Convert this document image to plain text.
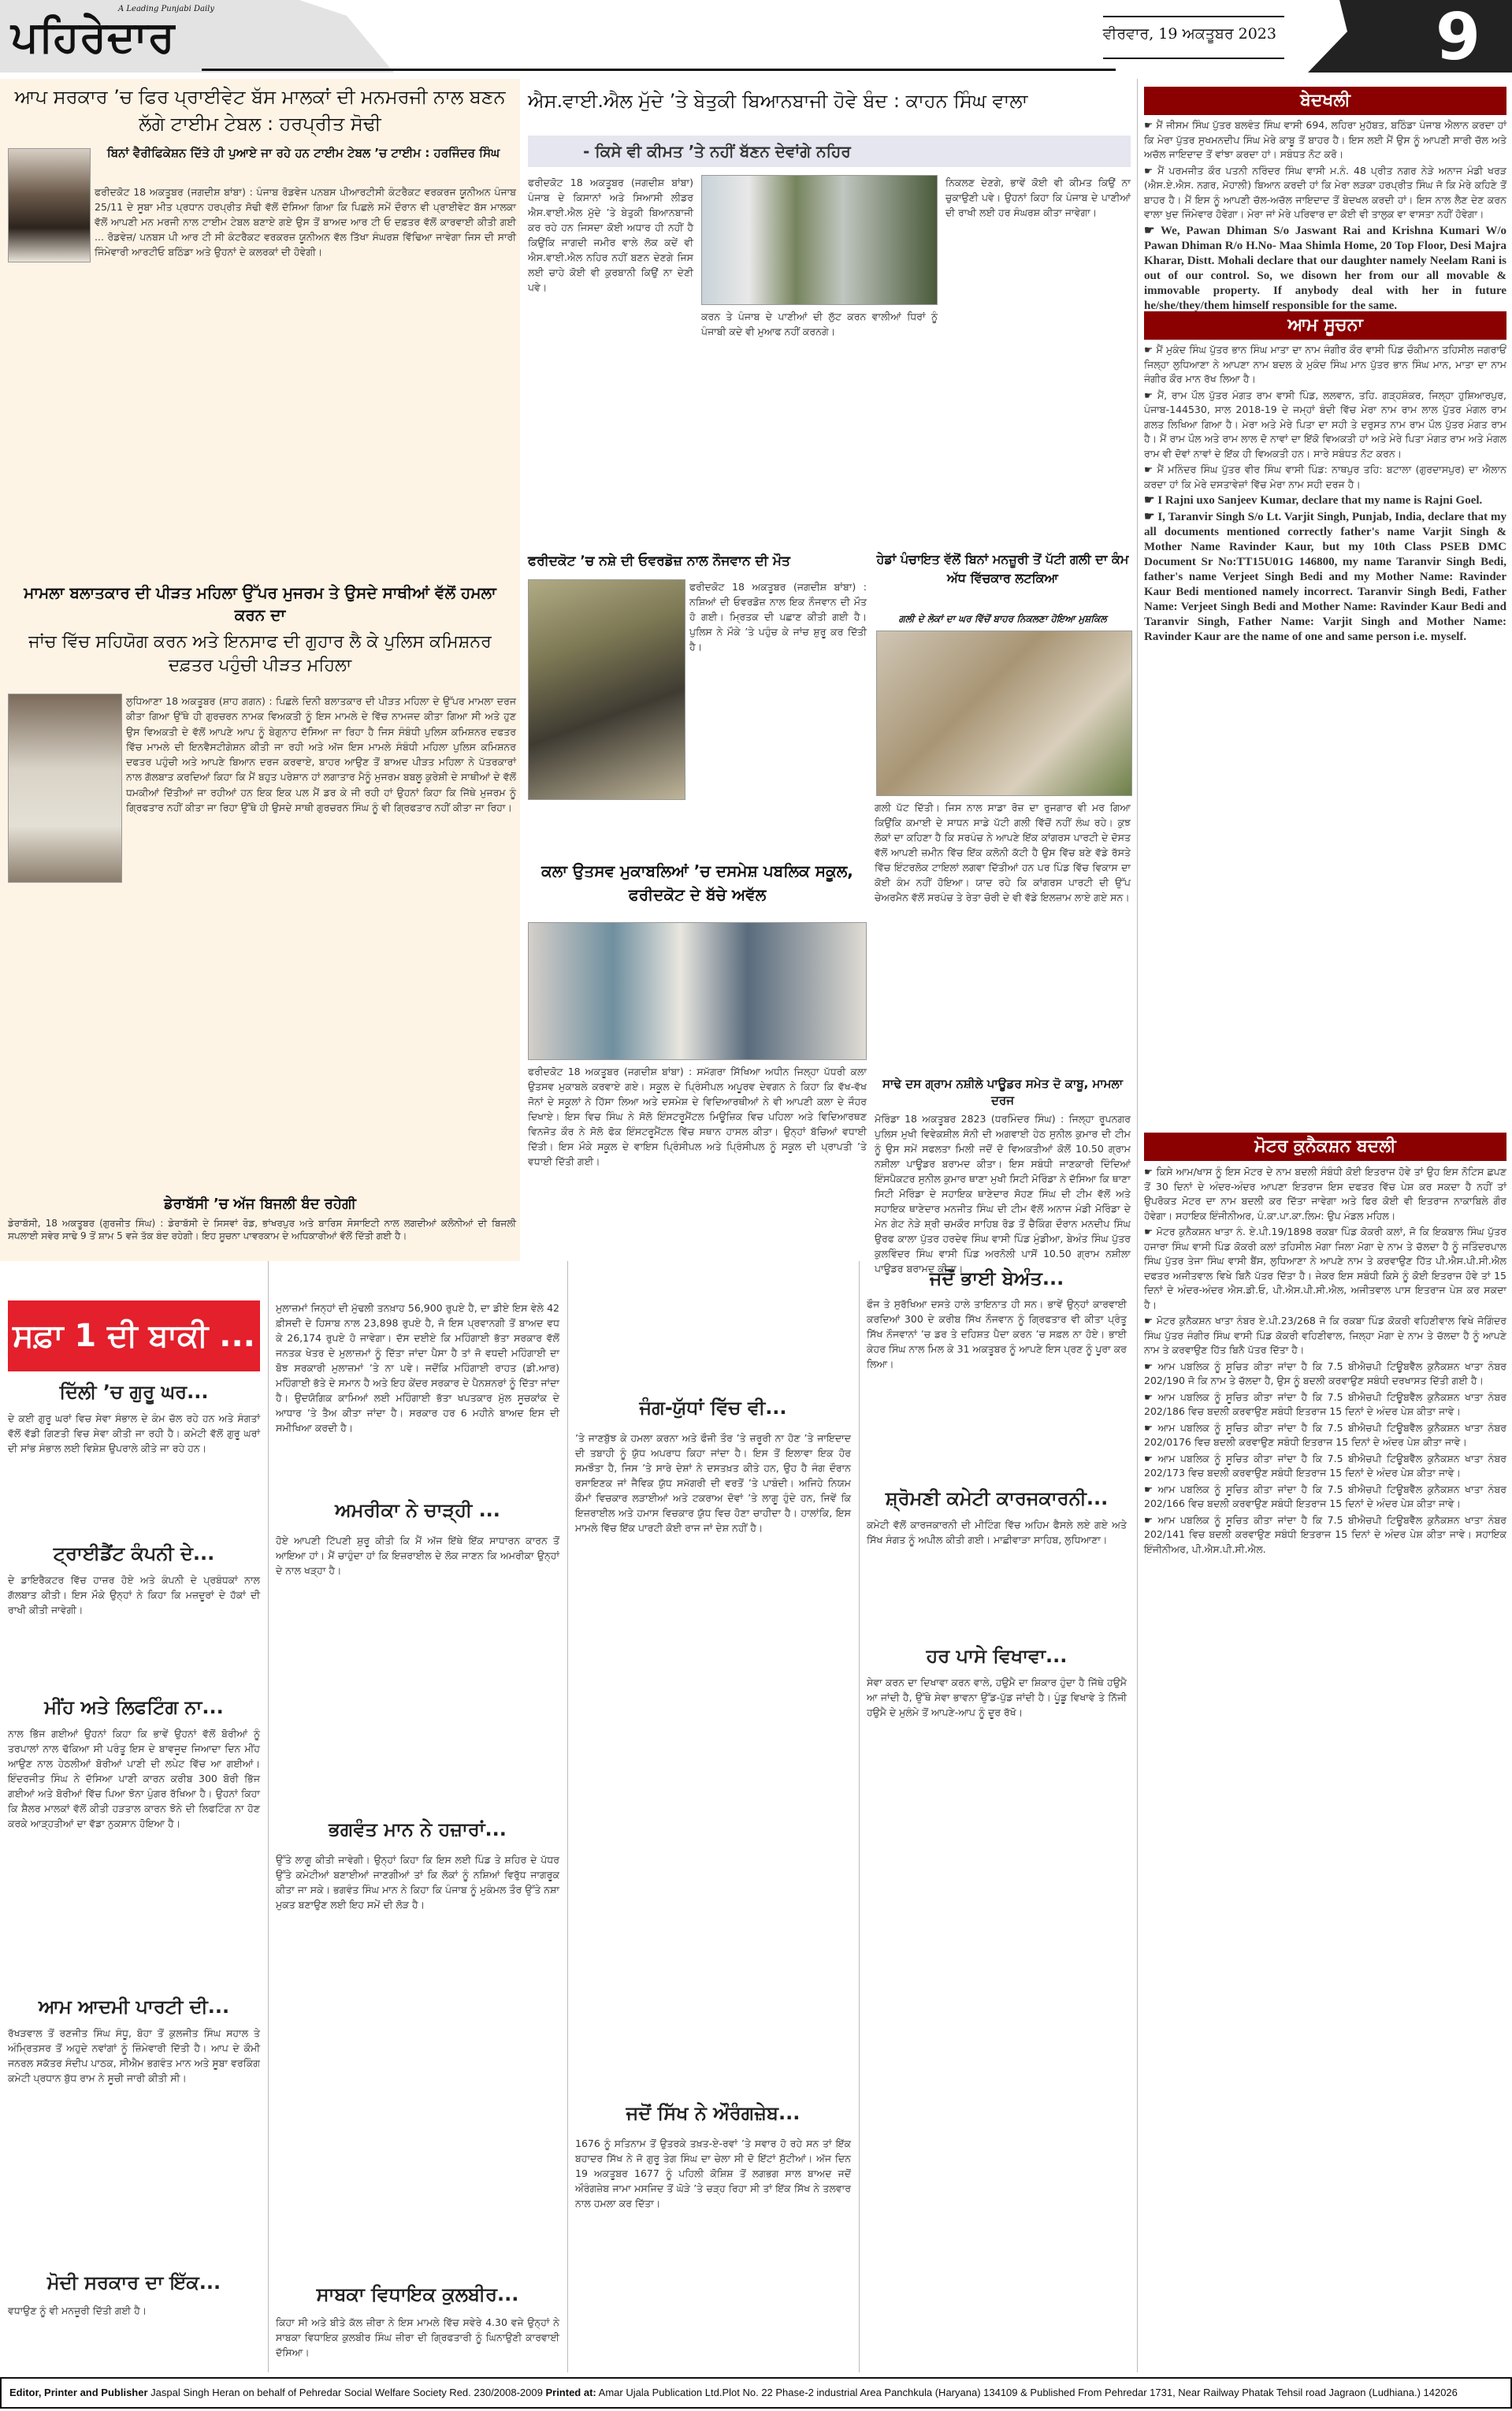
ਪਹਿਰੇਦਾਰ
A Leading Punjabi Daily
ਵੀਰਵਾਰ, 19 ਅਕਤੂਬਰ 2023 9
ਆਪ ਸਰਕਾਰ ’ਚ ਫਿਰ ਪ੍ਰਾਈਵੇਟ ਬੱਸ ਮਾਲਕਾਂ ਦੀ ਮਨਮਰਜੀ ਨਾਲ ਬਣਨ ਲੱਗੇ ਟਾਈਮ ਟੇਬਲ : ਹਰਪ੍ਰੀਤ ਸੋਢੀ
ਬਿਨਾਂ ਵੈਰੀਫਿਕੇਸ਼ਨ ਦਿੱਤੇ ਹੀ ਪੁਆਏ ਜਾ ਰਹੇ ਹਨ ਟਾਈਮ ਟੇਬਲ ’ਚ ਟਾਈਮ : ਹਰਜਿੰਦਰ ਸਿੰਘ
ਫਰੀਦਕੋਟ 18 ਅਕਤੂਬਰ (ਜਗਦੀਸ਼ ਬਾਂਬਾ) : ਪੰਜਾਬ ਰੋਡਵੇਜ ਪਨਬਸ ਪੀਆਰਟੀਸੀ ਕੰਟਰੈਕਟ ਵਰਕਰਜ ਯੂਨੀਅਨ ਪੰਜਾਬ 25/11 ਦੇ ਸੂਬਾ ਮੀਤ ਪ੍ਰਧਾਨ ਹਰਪ੍ਰੀਤ ਸੋਢੀ ਵੱਲੋਂ ਦੱਸਿਆ ਗਿਆ ਕਿ ਪਿਛਲੇ ਸਮੇਂ ਦੌਰਾਨ ਵੀ ਪ੍ਰਾਈਵੇਟ ਬੱਸ ਮਾਲਕਾ ਵੱਲੋਂ ਆਪਣੀ ਮਨ ਮਰਜੀ ਨਾਲ ਟਾਈਮ ਟੇਬਲ ਬਣਾਏ ਗਏ ਉਸ ਤੋਂ ਬਾਅਦ ਆਰ ਟੀ ਓ ਦਫ਼ਤਰ ਵੱਲੋਂ ਕਾਰਵਾਈ ਕੀਤੀ ਗਈ ... ਰੋਡਵੇਜ਼/ ਪਨਬਸ ਪੀ ਆਰ ਟੀ ਸੀ ਕੰਟਰੈਕਟ ਵਰਕਰਜ਼ ਯੂਨੀਅਨ ਵੱਲ ਤਿੱਖਾ ਸੰਘਰਸ਼ ਵਿੱਢਿਆ ਜਾਵੇਗਾ ਜਿਸ ਦੀ ਸਾਰੀ ਜਿੰਮੇਵਾਰੀ ਆਰਟੀਓ ਬਠਿੰਡਾ ਅਤੇ ਉਹਨਾਂ ਦੇ ਕਲਰਕਾਂ ਦੀ ਹੋਵੇਗੀ।
ਮਾਮਲਾ ਬਲਾਤਕਾਰ ਦੀ ਪੀੜਤ ਮਹਿਲਾ ਉੱਪਰ ਮੁਜਰਮ ਤੇ ਉਸਦੇ ਸਾਥੀਆਂ ਵੱਲੋਂ ਹਮਲਾ ਕਰਨ ਦਾ
ਜਾਂਚ ਵਿੱਚ ਸਹਿਯੋਗ ਕਰਨ ਅਤੇ ਇਨਸਾਫ ਦੀ ਗੁਹਾਰ ਲੈ ਕੇ ਪੁਲਿਸ ਕਮਿਸ਼ਨਰ ਦਫ਼ਤਰ ਪਹੁੰਚੀ ਪੀੜਤ ਮਹਿਲਾ
ਲੁਧਿਆਣਾ 18 ਅਕਤੂਬਰ (ਸ਼ਾਹ ਗਗਨ) : ਪਿਛਲੇ ਦਿਨੀ ਬਲਾਤਕਾਰ ਦੀ ਪੀੜਤ ਮਹਿਲਾ ਦੇ ਉੱਪਰ ਮਾਮਲਾ ਦਰਜ ਕੀਤਾ ਗਿਆ ਉੱਥੇ ਹੀ ਗੁਰਚਰਨ ਨਾਮਕ ਵਿਅਕਤੀ ਨੂੰ ਇਸ ਮਾਮਲੇ ਦੇ ਵਿੱਚ ਨਾਮਜਦ ਕੀਤਾ ਗਿਆ ਸੀ ਅਤੇ ਹੁਣ ਉਸ ਵਿਅਕਤੀ ਦੇ ਵੱਲੋਂ ਆਪਣੇ ਆਪ ਨੂੰ ਬੇਗੁਨਾਹ ਦੱਸਿਆ ਜਾ ਰਿਹਾ ਹੈ ਜਿਸ ਸੰਬੰਧੀ ਪੁਲਿਸ ਕਮਿਸ਼ਨਰ ਦਫਤਰ ਵਿੱਚ ਮਾਮਲੇ ਦੀ ਇਨਵੈਸਟੀਗੇਸ਼ਨ ਕੀਤੀ ਜਾ ਰਹੀ ਅਤੇ ਅੱਜ ਇਸ ਮਾਮਲੇ ਸੰਬੰਧੀ ਮਹਿਲਾ ਪੁਲਿਸ ਕਮਿਸ਼ਨਰ ਦਫਤਰ ਪਹੁੰਚੀ ਅਤੇ ਆਪਣੇ ਬਿਆਨ ਦਰਜ ਕਰਵਾਏ, ਬਾਹਰ ਆਉਣ ਤੋਂ ਬਾਅਦ ਪੀੜਤ ਮਹਿਲਾ ਨੇ ਪੱਤਰਕਾਰਾਂ ਨਾਲ ਗੱਲਬਾਤ ਕਰਦਿਆਂ ਕਿਹਾ ਕਿ ਮੈਂ ਬਹੁਤ ਪਰੇਸ਼ਾਨ ਹਾਂ ਲਗਾਤਾਰ ਮੈਨੂੰ ਮੁਜਰਮ ਬਬਲੂ ਕੁਰੇਸ਼ੀ ਦੇ ਸਾਥੀਆਂ ਦੇ ਵੱਲੋਂ ਧਮਕੀਆਂ ਦਿੱਤੀਆਂ ਜਾ ਰਹੀਆਂ ਹਨ ਇਕ ਇਕ ਪਲ ਮੈਂ ਡਰ ਕੇ ਜੀ ਰਹੀ ਹਾਂ ਉਹਨਾਂ ਕਿਹਾ ਕਿ ਜਿੱਥੇ ਮੁਜਰਮ ਨੂੰ ਗ੍ਰਿਫਤਾਰ ਨਹੀਂ ਕੀਤਾ ਜਾ ਰਿਹਾ ਉੱਥੇ ਹੀ ਉਸਦੇ ਸਾਥੀ ਗੁਰਚਰਨ ਸਿੰਘ ਨੂੰ ਵੀ ਗ੍ਰਿਫਤਾਰ ਨਹੀਂ ਕੀਤਾ ਜਾ ਰਿਹਾ।
ਡੇਰਾਬੱਸੀ ’ਚ ਅੱਜ ਬਿਜਲੀ ਬੰਦ ਰਹੇਗੀ
ਡੇਰਾਬੱਸੀ, 18 ਅਕਤੂਬਰ (ਗੁਰਜੀਤ ਸਿੰਘ) : ਡੇਰਾਬੱਸੀ ਦੇ ਸਿਸਵਾਂ ਰੋਡ, ਭਾਂਖਰਪੁਰ ਅਤੇ ਬਾਰਿਸ ਸੋਸਾਇਟੀ ਨਾਲ ਲਗਦੀਆਂ ਕਲੋਨੀਆਂ ਦੀ ਬਿਜਲੀ ਸਪਲਾਈ ਸਵੇਰ ਸਾਢੇ 9 ਤੋਂ ਸ਼ਾਮ 5 ਵਜੇ ਤੱਕ ਬੰਦ ਰਹੇਗੀ। ਇਹ ਸੂਚਨਾ ਪਾਵਰਕਾਮ ਦੇ ਅਧਿਕਾਰੀਆਂ ਵੱਲੋਂ ਦਿੱਤੀ ਗਈ ਹੈ।
ਐਸ.ਵਾਈ.ਐਲ ਮੁੱਦੇ ’ਤੇ ਬੇਤੁਕੀ ਬਿਆਨਬਾਜੀ ਹੋਵੇ ਬੰਦ : ਕਾਹਨ ਸਿੰਘ ਵਾਲਾ
- ਕਿਸੇ ਵੀ ਕੀਮਤ ’ਤੇ ਨਹੀਂ ਬੱਣਨ ਦੇਵਾਂਗੇ ਨਹਿਰ
ਫਰੀਦਕੋਟ 18 ਅਕਤੂਬਰ (ਜਗਦੀਸ਼ ਬਾਂਬਾ) ਪੰਜਾਬ ਦੇ ਕਿਸਾਨਾਂ ਅਤੇ ਸਿਆਸੀ ਲੀਡਰ ਐਸ.ਵਾਈ.ਐਲ ਮੁੱਦੇ ’ਤੇ ਬੇਤੁਕੀ ਬਿਆਨਬਾਜੀ ਕਰ ਰਹੇ ਹਨ ਜਿਸਦਾ ਕੋਈ ਅਧਾਰ ਹੀ ਨਹੀਂ ਹੈ ਕਿਉਂਕਿ ਜਾਗਦੀ ਜਮੀਰ ਵਾਲੇ ਲੋਕ ਕਦੇਂ ਵੀ ਐਸ.ਵਾਈ.ਐਲ ਨਹਿਰ ਨਹੀਂ ਬਣਨ ਦੇਣਗੇ ਜਿਸ ਲਈ ਚਾਹੇ ਕੋਈ ਵੀ ਕੁਰਬਾਨੀ ਕਿਉਂ ਨਾ ਦੇਣੀ ਪਵੇ।
ਕਰਨ ਤੇ ਪੰਜਾਬ ਦੇ ਪਾਣੀਆਂ ਦੀ ਲੁੱਟ ਕਰਨ ਵਾਲੀਆਂ ਧਿਰਾਂ ਨੂੰ ਪੰਜਾਬੀ ਕਦੇ ਵੀ ਮੁਆਫ ਨਹੀਂ ਕਰਨਗੇ।
ਨਿਕਲਣ ਦੇਣਗੇ, ਭਾਵੇਂ ਕੋਈ ਵੀ ਕੀਮਤ ਕਿਉਂ ਨਾ ਚੁਕਾਉਣੀ ਪਵੇ। ਉਹਨਾਂ ਕਿਹਾ ਕਿ ਪੰਜਾਬ ਦੇ ਪਾਣੀਆਂ ਦੀ ਰਾਖੀ ਲਈ ਹਰ ਸੰਘਰਸ਼ ਕੀਤਾ ਜਾਵੇਗਾ।
ਫਰੀਦਕੋਟ ’ਚ ਨਸ਼ੇ ਦੀ ਓਵਰਡੋਜ਼ ਨਾਲ ਨੌਜਵਾਨ ਦੀ ਮੌਤ
ਫਰੀਦਕੋਟ 18 ਅਕਤੂਬਰ (ਜਗਦੀਸ਼ ਬਾਂਬਾ) : ਨਸ਼ਿਆਂ ਦੀ ਓਵਰਡੋਜ਼ ਨਾਲ ਇਕ ਨੌਜਵਾਨ ਦੀ ਮੌਤ ਹੋ ਗਈ। ਮ੍ਰਿਤਕ ਦੀ ਪਛਾਣ ਕੀਤੀ ਗਈ ਹੈ। ਪੁਲਿਸ ਨੇ ਮੌਕੇ ’ਤੇ ਪਹੁੰਚ ਕੇ ਜਾਂਚ ਸ਼ੁਰੂ ਕਰ ਦਿੱਤੀ ਹੈ।
ਹੇਡਾਂ ਪੰਚਾਇਤ ਵੱਲੋਂ ਬਿਨਾਂ ਮਨਜ਼ੂਰੀ ਤੋਂ ਪੱਟੀ ਗਲੀ ਦਾ ਕੰਮ ਅੱਧ ਵਿੱਚਕਾਰ ਲਟਕਿਆ
ਗਲੀ ਦੇ ਲੋਕਾਂ ਦਾ ਘਰ ਵਿੱਚੋਂ ਬਾਹਰ ਨਿਕਲਣਾ ਹੋਇਆ ਮੁਸ਼ਕਿਲ
ਗਲੀ ਪੱਟ ਦਿੱਤੀ। ਜਿਸ ਨਾਲ ਸਾਡਾ ਰੋਜ਼ ਦਾ ਰੁਜਗਾਰ ਵੀ ਮਰ ਗਿਆ ਕਿਉਂਕਿ ਕਮਾਈ ਦੇ ਸਾਧਨ ਸਾਡੇ ਪੱਟੀ ਗਲੀ ਵਿੱਚੋਂ ਨਹੀਂ ਲੰਘ ਰਹੇ। ਕੁਝ ਲੋਕਾਂ ਦਾ ਕਹਿਣਾ ਹੈ ਕਿ ਸਰਪੰਚ ਨੇ ਆਪਣੇ ਇੱਕ ਕਾਂਗਰਸ ਪਾਰਟੀ ਦੇ ਦੋਸਤ ਵੱਲੋਂ ਆਪਣੀ ਜ਼ਮੀਨ ਵਿੱਚ ਇੱਕ ਕਲੋਨੀ ਕੱਟੀ ਹੈ ਉਸ ਵਿੱਚ ਬਣੇ ਵੱਡੇ ਰੱਸਤੇ ਵਿੱਚ ਇੰਟਰਲੋਕ ਟਾਇਲਾਂ ਲਗਵਾ ਦਿੱਤੀਆਂ ਹਨ ਪਰ ਪਿੰਡ ਵਿੱਚ ਵਿਕਾਸ ਦਾ ਕੋਈ ਕੰਮ ਨਹੀਂ ਹੋਇਆ। ਯਾਦ ਰਹੇ ਕਿ ਕਾਂਗਰਸ ਪਾਰਟੀ ਦੀ ਉੱਪ ਚੇਅਰਮੈਨ ਵੱਲੋਂ ਸਰਪੰਚ ਤੇ ਰੇਤਾ ਚੋਰੀ ਦੇ ਵੀ ਵੱਡੇ ਇਲਜ਼ਾਮ ਲਾਏ ਗਏ ਸਨ।
ਕਲਾ ਉਤਸਵ ਮੁਕਾਬਲਿਆਂ ’ਚ ਦਸਮੇਸ਼ ਪਬਲਿਕ ਸਕੂਲ, ਫਰੀਦਕੋਟ ਦੇ ਬੱਚੇ ਅਵੱਲ
ਫਰੀਦਕੋਟ 18 ਅਕਤੂਬਰ (ਜਗਦੀਸ਼ ਬਾਂਬਾ) : ਸਮੱਗਰਾ ਸਿੱਖਿਆ ਅਧੀਨ ਜਿਲ੍ਹਾ ਪੱਧਰੀ ਕਲਾ ਉਤਸਵ ਮੁਕਾਬਲੇ ਕਰਵਾਏ ਗਏ। ਸਕੂਲ ਦੇ ਪ੍ਰਿੰਸੀਪਲ ਅਪੂਰਵ ਦੇਵਗਨ ਨੇ ਕਿਹਾ ਕਿ ਵੱਖ-ਵੱਖ ਜੋਨਾਂ ਦੇ ਸਕੂਲਾਂ ਨੇ ਹਿੱਸਾ ਲਿਆ ਅਤੇ ਦਸਮੇਸ਼ ਦੇ ਵਿਦਿਆਰਥੀਆਂ ਨੇ ਵੀ ਆਪਣੀ ਕਲਾ ਦੇ ਜੌਹਰ ਦਿਖਾਏ। ਇਸ ਵਿਚ ਸਿੰਘ ਨੇ ਸੋਲੋ ਇੰਸਟਰੂਮੈਂਟਲ ਮਿਊਜ਼ਿਕ ਵਿਚ ਪਹਿਲਾ ਅਤੇ ਵਿਦਿਆਰਥਣ ਵਿਨਜੋਤ ਕੌਰ ਨੇ ਸੋਲੋ ਫੋਕ ਇੰਸਟਰੂਮੈਂਟਲ ਵਿੱਚ ਸਥਾਨ ਹਾਸਲ ਕੀਤਾ। ਉਨ੍ਹਾਂ ਬੱਚਿਆਂ ਵਧਾਈ ਦਿੱਤੀ। ਇਸ ਮੌਕੇ ਸਕੂਲ ਦੇ ਵਾਇਸ ਪ੍ਰਿੰਸੀਪਲ ਅਤੇ ਪ੍ਰਿੰਸੀਪਲ ਨੂੰ ਸਕੂਲ ਦੀ ਪ੍ਰਾਪਤੀ ’ਤੇ ਵਧਾਈ ਦਿੱਤੀ ਗਈ।
ਸਾਢੇ ਦਸ ਗ੍ਰਾਮ ਨਸ਼ੀਲੇ ਪਾਊਡਰ ਸਮੇਤ ਦੋ ਕਾਬੂ, ਮਾਮਲਾ ਦਰਜ
ਮੋਰਿੰਡਾ 18 ਅਕਤੂਬਰ 2823 (ਧਰਮਿੰਦਰ ਸਿੰਘ) : ਜਿਲ੍ਹਾ ਰੂਪਨਗਰ ਪੁਲਿਸ ਮੁਖੀ ਵਿਵੇਕਸ਼ੀਲ ਸੋਨੀ ਦੀ ਅਗਵਾਈ ਹੇਠ ਸੁਨੀਲ ਕੁਮਾਰ ਦੀ ਟੀਮ ਨੂੰ ਉਸ ਸਮੇਂ ਸਫਲਤਾ ਮਿਲੀ ਜਦੋਂ ਦੋ ਵਿਅਕਤੀਆਂ ਕੋਲੋਂ 10.50 ਗ੍ਰਾਮ ਨਸ਼ੀਲਾ ਪਾਊਡਰ ਬਰਾਮਦ ਕੀਤਾ। ਇਸ ਸਬੰਧੀ ਜਾਣਕਾਰੀ ਦਿੰਦਿਆਂ ਇੰਸਪੈਕਟਰ ਸੁਨੀਲ ਕੁਮਾਰ ਥਾਣਾ ਮੁਖੀ ਸਿਟੀ ਮੋਰਿੰਡਾ ਨੇ ਦੱਸਿਆ ਕਿ ਥਾਣਾ ਸਿਟੀ ਮੋਰਿੰਡਾ ਦੇ ਸਹਾਇਕ ਥਾਣੇਦਾਰ ਸੋਹਣ ਸਿੰਘ ਦੀ ਟੀਮ ਵੱਲੋਂ ਅਤੇ ਸਹਾਇਕ ਥਾਣੇਦਾਰ ਮਨਜੀਤ ਸਿੰਘ ਦੀ ਟੀਮ ਵੱਲੋਂ ਅਨਾਜ ਮੰਡੀ ਮੋਰਿੰਡਾ ਦੇ ਮੇਨ ਗੇਟ ਨੇੜੇ ਸ਼੍ਰੀ ਚਮਕੌਰ ਸਾਹਿਬ ਰੋਡ ਤੋਂ ਚੈਕਿੰਗ ਦੌਰਾਨ ਮਨਦੀਪ ਸਿੰਘ ਉਰਫ ਕਾਲਾ ਪੁੱਤਰ ਹਰਦੇਵ ਸਿੰਘ ਵਾਸੀ ਪਿੰਡ ਮੁੰਡੀਆ, ਬੇਅੰਤ ਸਿੰਘ ਪੁੱਤਰ ਕੁਲਵਿੰਦਰ ਸਿੰਘ ਵਾਸੀ ਪਿੰਡ ਅਰਨੋਲੀ ਪਾਸੋਂ 10.50 ਗ੍ਰਾਮ ਨਸ਼ੀਲਾ ਪਾਊਡਰ ਬਰਾਮਦ ਕੀਤਾ।
ਸਫ਼ਾ 1 ਦੀ ਬਾਕੀ ...
ਦਿੱਲੀ ’ਚ ਗੁਰੂ ਘਰ...
ਦੇ ਕਈ ਗੁਰੂ ਘਰਾਂ ਵਿਚ ਸੇਵਾ ਸੰਭਾਲ ਦੇ ਕੰਮ ਚੱਲ ਰਹੇ ਹਨ ਅਤੇ ਸੰਗਤਾਂ ਵੱਲੋਂ ਵੱਡੀ ਗਿਣਤੀ ਵਿਚ ਸੇਵਾ ਕੀਤੀ ਜਾ ਰਹੀ ਹੈ। ਕਮੇਟੀ ਵੱਲੋਂ ਗੁਰੂ ਘਰਾਂ ਦੀ ਸਾਂਭ ਸੰਭਾਲ ਲਈ ਵਿਸ਼ੇਸ਼ ਉਪਰਾਲੇ ਕੀਤੇ ਜਾ ਰਹੇ ਹਨ।
ਟ੍ਰਾਈਡੈਂਟ ਕੰਪਨੀ ਦੇ...
ਦੇ ਡਾਇਰੈਕਟਰ ਵਿੱਚ ਹਾਜ਼ਰ ਹੋਏ ਅਤੇ ਕੰਪਨੀ ਦੇ ਪ੍ਰਬੰਧਕਾਂ ਨਾਲ ਗੱਲਬਾਤ ਕੀਤੀ। ਇਸ ਮੌਕੇ ਉਨ੍ਹਾਂ ਨੇ ਕਿਹਾ ਕਿ ਮਜ਼ਦੂਰਾਂ ਦੇ ਹੱਕਾਂ ਦੀ ਰਾਖੀ ਕੀਤੀ ਜਾਵੇਗੀ।
ਮੀਂਹ ਅਤੇ ਲਿਫਟਿੰਗ ਨਾ...
ਨਾਲ ਭਿੱਜ ਗਈਆਂ ਉਹਨਾਂ ਕਿਹਾ ਕਿ ਭਾਵੇਂ ਉਹਨਾਂ ਵੱਲੋਂ ਬੋਰੀਆਂ ਨੂੰ ਤਰਪਾਲਾਂ ਨਾਲ ਢੱਕਿਆ ਸੀ ਪਰੰਤੂ ਇਸ ਦੇ ਬਾਵਜੂਦ ਜਿਆਦਾ ਦਿਨ ਮੀਂਹ ਆਉਣ ਨਾਲ ਹੇਠਲੀਆਂ ਬੋਰੀਆਂ ਪਾਣੀ ਦੀ ਲਪੇਟ ਵਿੱਚ ਆ ਗਈਆਂ। ਇੰਦਰਜੀਤ ਸਿੰਘ ਨੇ ਦੱਸਿਆ ਪਾਣੀ ਕਾਰਨ ਕਰੀਬ 300 ਬੋਰੀ ਭਿੱਜ ਗਈਆਂ ਅਤੇ ਬੋਰੀਆਂ ਵਿੱਚ ਪਿਆ ਝੋਨਾ ਪੁੰਗਰ ਰੱਖਿਆ ਹੈ। ਉਹਨਾਂ ਕਿਹਾ ਕਿ ਸ਼ੈਲਰ ਮਾਲਕਾਂ ਵੱਲੋਂ ਕੀਤੀ ਹੜਤਾਲ ਕਾਰਨ ਝੋਨੇ ਦੀ ਲਿਫਟਿੰਗ ਨਾ ਹੋਣ ਕਰਕੇ ਆੜ੍ਹਤੀਆਂ ਦਾ ਵੱਡਾ ਨੁਕਸਾਨ ਹੋਇਆ ਹੈ।
ਆਮ ਆਦਮੀ ਪਾਰਟੀ ਦੀ...
ਰੱਖੜਵਾਲ ਤੋਂ ਰਣਜੀਤ ਸਿੰਘ ਸੰਧੂ, ਬੋਹਾ ਤੋਂ ਕੁਲਜੀਤ ਸਿੰਘ ਸਹਾਲ ਤੇ ਅੰਮ੍ਰਿਤਸਰ ਤੋਂ ਅਹੁਦੇ ਨਵਾਂਗਾਂ ਨੂੰ ਜ਼ਿੰਮੇਵਾਰੀ ਦਿੱਤੀ ਹੈ। ਆਪ ਦੇ ਕੌਮੀ ਜਨਰਲ ਸਕੱਤਰ ਸੰਦੀਪ ਪਾਠਕ, ਸੀਐਮ ਭਗਵੰਤ ਮਾਨ ਅਤੇ ਸੂਬਾ ਵਰਕਿੰਗ ਕਮੇਟੀ ਪ੍ਰਧਾਨ ਬੁੱਧ ਰਾਮ ਨੇ ਸੂਚੀ ਜਾਰੀ ਕੀਤੀ ਸੀ।
ਮੋਦੀ ਸਰਕਾਰ ਦਾ ਇੱਕ...
ਵਧਾਉਣ ਨੂੰ ਵੀ ਮਨਜ਼ੂਰੀ ਦਿੱਤੀ ਗਈ ਹੈ।
ਮੁਲਾਜ਼ਮਾਂ ਜਿਨ੍ਹਾਂ ਦੀ ਮੁੱਢਲੀ ਤਨਖ਼ਾਹ 56,900 ਰੁਪਏ ਹੈ, ਦਾ ਡੀਏ ਇਸ ਵੇਲੇ 42 ਫ਼ੀਸਦੀ ਦੇ ਹਿਸਾਬ ਨਾਲ 23,898 ਰੁਪਏ ਹੈ, ਜੋ ਇਸ ਪ੍ਰਵਾਨਗੀ ਤੋਂ ਬਾਅਦ ਵਧ ਕੇ 26,174 ਰੁਪਏ ਹੋ ਜਾਵੇਗਾ। ਦੱਸ ਦਈਏ ਕਿ ਮਹਿੰਗਾਈ ਭੱਤਾ ਸਰਕਾਰ ਵੱਲੋਂ ਜਨਤਕ ਖੇਤਰ ਦੇ ਮੁਲਾਜ਼ਮਾਂ ਨੂੰ ਦਿੱਤਾ ਜਾਂਦਾ ਪੈਸਾ ਹੈ ਤਾਂ ਜੋ ਵਧਦੀ ਮਹਿੰਗਾਈ ਦਾ ਬੋਝ ਸਰਕਾਰੀ ਮੁਲਾਜ਼ਮਾਂ ’ਤੇ ਨਾ ਪਵੇ। ਜਦੋਂਕਿ ਮਹਿੰਗਾਈ ਰਾਹਤ (ਡੀ.ਆਰ) ਮਹਿੰਗਾਈ ਭੱਤੇ ਦੇ ਸਮਾਨ ਹੈ ਅਤੇ ਇਹ ਕੇਂਦਰ ਸਰਕਾਰ ਦੇ ਪੈਨਸ਼ਨਰਾਂ ਨੂੰ ਦਿੱਤਾ ਜਾਂਦਾ ਹੈ। ਉਦਯੋਗਿਕ ਕਾਮਿਆਂ ਲਈ ਮਹਿੰਗਾਈ ਭੱਤਾ ਖਪਤਕਾਰ ਮੁੱਲ ਸੂਚਕਾਂਕ ਦੇ ਆਧਾਰ ’ਤੇ ਤੈਅ ਕੀਤਾ ਜਾਂਦਾ ਹੈ। ਸਰਕਾਰ ਹਰ 6 ਮਹੀਨੇ ਬਾਅਦ ਇਸ ਦੀ ਸਮੀਖਿਆ ਕਰਦੀ ਹੈ।
ਅਮਰੀਕਾ ਨੇ ਚਾੜ੍ਹੀ ...
ਹੋਏ ਆਪਣੀ ਟਿੱਪਣੀ ਸ਼ੁਰੂ ਕੀਤੀ ਕਿ ਮੈਂ ਅੱਜ ਇੱਥੇ ਇੱਕ ਸਾਧਾਰਨ ਕਾਰਨ ਤੋਂ ਆਇਆ ਹਾਂ। ਮੈਂ ਚਾਹੁੰਦਾ ਹਾਂ ਕਿ ਇਜ਼ਰਾਈਲ ਦੇ ਲੋਕ ਜਾਣਨ ਕਿ ਅਮਰੀਕਾ ਉਨ੍ਹਾਂ ਦੇ ਨਾਲ ਖੜ੍ਹਾ ਹੈ।
ਭਗਵੰਤ ਮਾਨ ਨੇ ਹਜ਼ਾਰਾਂ...
ਉੱਤੇ ਲਾਗੂ ਕੀਤੀ ਜਾਵੇਗੀ। ਉਨ੍ਹਾਂ ਕਿਹਾ ਕਿ ਇਸ ਲਈ ਪਿੰਡ ਤੇ ਸ਼ਹਿਰ ਦੇ ਪੱਧਰ ਉੱਤੇ ਕਮੇਟੀਆਂ ਬਣਾਈਆਂ ਜਾਣਗੀਆਂ ਤਾਂ ਕਿ ਲੋਕਾਂ ਨੂੰ ਨਸ਼ਿਆਂ ਵਿਰੁੱਧ ਜਾਗਰੂਕ ਕੀਤਾ ਜਾ ਸਕੇ। ਭਗਵੰਤ ਸਿੰਘ ਮਾਨ ਨੇ ਕਿਹਾ ਕਿ ਪੰਜਾਬ ਨੂੰ ਮੁਕੰਮਲ ਤੌਰ ਉੱਤੇ ਨਸ਼ਾ ਮੁਕਤ ਬਣਾਉਣ ਲਈ ਇਹ ਸਮੇਂ ਦੀ ਲੋੜ ਹੈ।
ਸਾਬਕਾ ਵਿਧਾਇਕ ਕੁਲਬੀਰ...
ਕਿਹਾ ਸੀ ਅਤੇ ਬੀਤੇ ਕੱਲ ਜ਼ੀਰਾ ਨੇ ਇਸ ਮਾਮਲੇ ਵਿੱਚ ਸਵੇਰੇ 4.30 ਵਜੇ ਉਨ੍ਹਾਂ ਨੇ ਸਾਬਕਾ ਵਿਧਾਇਕ ਕੁਲਬੀਰ ਸਿੰਘ ਜ਼ੀਰਾ ਦੀ ਗ੍ਰਿਫਤਾਰੀ ਨੂੰ ਘਿਨਾਉਣੀ ਕਾਰਵਾਈ ਦੱਸਿਆ।
ਜੰਗ-ਯੁੱਧਾਂ ਵਿੱਚ ਵੀ...
’ਤੇ ਜਾਣਬੁੱਝ ਕੇ ਹਮਲਾ ਕਰਨਾ ਅਤੇ ਫੌਜੀ ਤੌਰ ’ਤੇ ਜ਼ਰੂਰੀ ਨਾ ਹੋਣ ’ਤੇ ਜਾਇਦਾਦ ਦੀ ਤਬਾਹੀ ਨੂੰ ਯੁੱਧ ਅਪਰਾਧ ਕਿਹਾ ਜਾਂਦਾ ਹੈ। ਇਸ ਤੋਂ ਇਲਾਵਾ ਇਕ ਹੋਰ ਸਮਝੌਤਾ ਹੈ, ਜਿਸ ’ਤੇ ਸਾਰੇ ਦੇਸ਼ਾਂ ਨੇ ਦਸਤਖ਼ਤ ਕੀਤੇ ਹਨ, ਉਹ ਹੈ ਜੰਗ ਦੌਰਾਨ ਰਸਾਇਣਕ ਜਾਂ ਜੈਵਿਕ ਯੁੱਧ ਸਮੱਗਰੀ ਦੀ ਵਰਤੋਂ ’ਤੇ ਪਾਬੰਦੀ। ਅਜਿਹੇ ਨਿਯਮ ਕੌਮਾਂ ਵਿਚਕਾਰ ਲੜਾਈਆਂ ਅਤੇ ਟਕਰਾਅ ਦੋਵਾਂ ’ਤੇ ਲਾਗੂ ਹੁੰਦੇ ਹਨ, ਜਿਵੇਂ ਕਿ ਇਜ਼ਰਾਈਲ ਅਤੇ ਹਮਾਸ ਵਿਚਕਾਰ ਯੁੱਧ ਵਿਚ ਹੋਣਾ ਚਾਹੀਦਾ ਹੈ। ਹਾਲਾਂਕਿ, ਇਸ ਮਾਮਲੇ ਵਿੱਚ ਇੱਕ ਪਾਰਟੀ ਕੋਈ ਰਾਜ ਜਾਂ ਦੇਸ਼ ਨਹੀਂ ਹੈ।
ਜਦੋਂ ਸਿੱਖ ਨੇ ਔਰੰਗਜ਼ੇਬ...
1676 ਨੂੰ ਸਤਿਨਾਮ ਤੋਂ ਉਤਰਕੇ ਤਖ਼ਤ-ਏ-ਰਵਾਂ ’ਤੇ ਸਵਾਰ ਹੋ ਰਹੇ ਸਨ ਤਾਂ ਇੱਕ ਬਹਾਦਰ ਸਿੱਖ ਨੇ ਜੋ ਗੁਰੂ ਤੇਗ ਸਿੰਘ ਦਾ ਚੇਲਾ ਸੀ ਦੋ ਇੱਟਾਂ ਸੁੱਟੀਆਂ। ਅੱਜ ਦਿਨ 19 ਅਕਤੂਬਰ 1677 ਨੂੰ ਪਹਿਲੀ ਕੋਸ਼ਿਸ਼ ਤੋਂ ਲਗਭਗ ਸਾਲ ਬਾਅਦ ਜਦੋਂ ਔਰੰਗਜ਼ੇਬ ਜਾਮਾ ਮਸਜਿਦ ਤੋਂ ਘੋੜੇ ’ਤੇ ਚੜ੍ਹ ਰਿਹਾ ਸੀ ਤਾਂ ਇੱਕ ਸਿੱਖ ਨੇ ਤਲਵਾਰ ਨਾਲ ਹਮਲਾ ਕਰ ਦਿੱਤਾ।
ਜਦੋਂ ਭਾਈ ਬੇਅੰਤ...
ਫੌਜ ਤੇ ਸੁਰੱਖਿਆ ਦਸਤੇ ਹਾਲੇ ਤਾਇਨਾਤ ਹੀ ਸਨ। ਭਾਵੇਂ ਉਨ੍ਹਾਂ ਕਾਰਵਾਈ ਕਰਦਿਆਂ 300 ਦੇ ਕਰੀਬ ਸਿੱਖ ਨੌਜਵਾਨ ਨੂੰ ਗ੍ਰਿਫਤਾਰ ਵੀ ਕੀਤਾ ਪ੍ਰੰਤੂ ਸਿੱਖ ਨੌਜਵਾਨਾਂ ’ਚ ਡਰ ਤੇ ਦਹਿਸ਼ਤ ਪੈਦਾ ਕਰਨ ’ਚ ਸਫ਼ਲ ਨਾ ਹੋਏ। ਭਾਈ ਕੇਹਰ ਸਿੰਘ ਨਾਲ ਮਿਲ ਕੇ 31 ਅਕਤੂਬਰ ਨੂੰ ਆਪਣੇ ਇਸ ਪ੍ਰਣ ਨੂੰ ਪੂਰਾ ਕਰ ਲਿਆ।
ਸ਼੍ਰੋਮਣੀ ਕਮੇਟੀ ਕਾਰਜਕਾਰਨੀ...
ਕਮੇਟੀ ਵੱਲੋਂ ਕਾਰਜਕਾਰਨੀ ਦੀ ਮੀਟਿੰਗ ਵਿੱਚ ਅਹਿਮ ਫੈਸਲੇ ਲਏ ਗਏ ਅਤੇ ਸਿੱਖ ਸੰਗਤ ਨੂੰ ਅਪੀਲ ਕੀਤੀ ਗਈ। ਮਾਛੀਵਾੜਾ ਸਾਹਿਬ, ਲੁਧਿਆਣਾ।
ਹਰ ਪਾਸੇ ਵਿਖਾਵਾ...
ਸੇਵਾ ਕਰਨ ਦਾ ਦਿਖਾਵਾ ਕਰਨ ਵਾਲੇ, ਹਉਮੈ ਦਾ ਸ਼ਿਕਾਰ ਹੁੰਦਾ ਹੈ ਜਿੱਥੇ ਹਉਮੈ ਆ ਜਾਂਦੀ ਹੈ, ਉੱਥੇ ਸੇਵਾ ਭਾਵਨਾ ਉੱਡ-ਪੁੱਡ ਜਾਂਦੀ ਹੈ। ਪੂੰਡੂ ਵਿਖਾਵੇ ਤੇ ਨਿੱਜੀ ਹਉਮੈ ਦੇ ਮੁਲੰਮੇ ਤੋਂ ਆਪਣੇ-ਆਪ ਨੂੰ ਦੂਰ ਰੱਖੋ।
ਬੇਦਖਲੀ

☛ ਮੈਂ ਜੀਸਮ ਸਿੰਘ ਪੁੱਤਰ ਬਲਵੰਤ ਸਿੰਘ ਵਾਸੀ 694, ਲਹਿਰਾ ਮੁਹੱਬਤ, ਬਠਿੰਡਾ ਪੰਜਾਬ ਐਲਾਨ ਕਰਦਾ ਹਾਂ ਕਿ ਮੇਰਾ ਪੁੱਤਰ ਸੁਖਮਨਦੀਪ ਸਿੰਘ ਮੇਰੇ ਕਾਬੂ ਤੋਂ ਬਾਹਰ ਹੈ। ਇਸ ਲਈ ਮੈਂ ਉਸ ਨੂੰ ਆਪਣੀ ਸਾਰੀ ਚੱਲ ਅਤੇ ਅਚੱਲ ਜਾਇਦਾਦ ਤੋਂ ਵਾਂਝਾ ਕਰਦਾ ਹਾਂ। ਸਬੰਧਤ ਨੋਟ ਕਰੋ।

☛ ਮੈਂ ਪਰਮਜੀਤ ਕੌਰ ਪਤਨੀ ਨਰਿੰਦਰ ਸਿੰਘ ਵਾਸੀ ਮ.ਨੰ. 48 ਪ੍ਰੀਤ ਨਗਰ ਨੇੜੇ ਅਨਾਜ ਮੰਡੀ ਖਰੜ (ਐਸ.ਏ.ਐਸ. ਨਗਰ, ਮੋਹਾਲੀ) ਬਿਆਨ ਕਰਦੀ ਹਾਂ ਕਿ ਮੇਰਾ ਲੜਕਾ ਹਰਪ੍ਰੀਤ ਸਿੰਘ ਜੋ ਕਿ ਮੇਰੇ ਕਹਿਣੇ ਤੋਂ ਬਾਹਰ ਹੈ। ਮੈਂ ਇਸ ਨੂੰ ਆਪਣੀ ਚੱਲ-ਅਚੱਲ ਜਾਇਦਾਦ ਤੋਂ ਬੇਦਖਲ ਕਰਦੀ ਹਾਂ। ਇਸ ਨਾਲ ਲੈਣ ਦੇਣ ਕਰਨ ਵਾਲਾ ਖੁਦ ਜਿੰਮੇਵਾਰ ਹੋਵੇਗਾ। ਮੇਰਾ ਜਾਂ ਮੇਰੇ ਪਰਿਵਾਰ ਦਾ ਕੋਈ ਵੀ ਤਾਲੁਕ ਵਾ ਵਾਸਤਾ ਨਹੀਂ ਹੋਵੇਗਾ।

☛ We, Pawan Dhiman S/o Jaswant Rai and Krishna Kumari W/o Pawan Dhiman R/o H.No- Maa Shimla Home, 20 Top Floor, Desi Majra Kharar, Distt. Mohali declare that our daughter namely Neelam Rani is out of our control. So, we disown her from our all movable & immovable property. If anybody deal with her in future he/she/they/them himself responsible for the same.

ਆਮ ਸੂਚਨਾ

☛ ਮੈਂ ਮੁਕੰਦ ਸਿੰਘ ਪੁੱਤਰ ਭਾਨ ਸਿੰਘ ਮਾਤਾ ਦਾ ਨਾਮ ਜੰਗੀਰ ਕੌਰ ਵਾਸੀ ਪਿੰਡ ਚੌਕੀਮਾਨ ਤਹਿਸੀਲ ਜਗਰਾਓਂ ਜਿਲ੍ਹਾ ਲੁਧਿਆਣਾ ਨੇ ਆਪਣਾ ਨਾਮ ਬਦਲ ਕੇ ਮੁਕੰਦ ਸਿੰਘ ਮਾਨ ਪੁੱਤਰ ਭਾਨ ਸਿੰਘ ਮਾਨ, ਮਾਤਾ ਦਾ ਨਾਮ ਜੰਗੀਰ ਕੌਰ ਮਾਨ ਰੱਖ ਲਿਆ ਹੈ।

☛ ਮੈਂ, ਰਾਮ ਪੌਲ ਪੁੱਤਰ ਮੰਗਤ ਰਾਮ ਵਾਸੀ ਪਿੰਡ, ਲਲਵਾਨ, ਤਹਿ. ਗੜ੍ਹਸ਼ੰਕਰ, ਜਿਲ੍ਹਾ ਹੁਸ਼ਿਆਰਪੁਰ, ਪੰਜਾਬ-144530, ਸਾਲ 2018-19 ਦੇ ਜਮ੍ਹਾਂ ਬੰਦੀ ਵਿੱਚ ਮੇਰਾ ਨਾਮ ਰਾਮ ਲਾਲ ਪੁੱਤਰ ਮੰਗਲ ਰਾਮ ਗਲਤ ਲਿਖਿਆ ਗਿਆ ਹੈ। ਮੇਰਾ ਅਤੇ ਮੇਰੇ ਪਿਤਾ ਦਾ ਸਹੀ ਤੇ ਦਰੁਸਤ ਨਾਮ ਰਾਮ ਪੌਲ ਪੁੱਤਰ ਮੰਗਤ ਰਾਮ ਹੈ। ਮੈਂ ਰਾਮ ਪੌਲ ਅਤੇ ਰਾਮ ਲਾਲ ਦੋ ਨਾਵਾਂ ਦਾ ਇੱਕੋ ਵਿਅਕਤੀ ਹਾਂ ਅਤੇ ਮੇਰੇ ਪਿਤਾ ਮੰਗਤ ਰਾਮ ਅਤੇ ਮੰਗਲ ਰਾਮ ਵੀ ਦੋਵਾਂ ਨਾਵਾਂ ਦੇ ਇੱਕ ਹੀ ਵਿਅਕਤੀ ਹਨ। ਸਾਰੇ ਸਬੰਧਤ ਨੋਟ ਕਰਨ।

☛ ਮੈਂ ਮਨਿੰਦਰ ਸਿੰਘ ਪੁੱਤਰ ਵੀਰ ਸਿੰਘ ਵਾਸੀ ਪਿੰਡ: ਨਾਥਪੁਰ ਤਹਿ: ਬਟਾਲਾ (ਗੁਰਦਾਸਪੁਰ) ਦਾ ਐਲਾਨ ਕਰਦਾ ਹਾਂ ਕਿ ਮੇਰੇ ਦਸਤਾਵੇਜ਼ਾਂ ਵਿੱਚ ਮੇਰਾ ਨਾਮ ਸਹੀ ਦਰਜ ਹੈ।

☛ I Rajni uxo Sanjeev Kumar, declare that my name is Rajni Goel.

☛ I, Taranvir Singh S/o Lt. Varjit Singh, Punjab, India, declare that my all documents mentioned correctly father's name Varjit Singh & Mother Name Ravinder Kaur, but my 10th Class PSEB DMC Document Sr No:TT15U01G 146800, my name Taranvir Singh Bedi, father's name Verjeet Singh Bedi and my Mother Name: Ravinder Kaur Bedi mentioned namely incorrect. Taranvir Singh Bedi, Father Name: Verjeet Singh Bedi and Mother Name: Ravinder Kaur Bedi and Taranvir Singh, Father Name: Varjit Singh and Mother Name: Ravinder Kaur are the name of one and same person i.e. myself.

ਮੋਟਰ ਕੁਨੈਕਸ਼ਨ ਬਦਲੀ

☛ ਕਿਸੇ ਆਮ/ਖਾਸ ਨੂੰ ਇਸ ਮੋਟਰ ਦੇ ਨਾਮ ਬਦਲੀ ਸੰਬੰਧੀ ਕੋਈ ਇਤਰਾਜ ਹੋਵੇ ਤਾਂ ਉਹ ਇਸ ਨੋਟਿਸ ਛਪਣ ਤੋਂ 30 ਦਿਨਾਂ ਦੇ ਅੰਦਰ-ਅੰਦਰ ਆਪਣਾ ਇਤਰਾਜ ਇਸ ਦਫਤਰ ਵਿੱਚ ਪੇਸ਼ ਕਰ ਸਕਦਾ ਹੈ ਨਹੀਂ ਤਾਂ ਉਪਰੋਕਤ ਮੋਟਰ ਦਾ ਨਾਮ ਬਦਲੀ ਕਰ ਦਿੱਤਾ ਜਾਵੇਗਾ ਅਤੇ ਫਿਰ ਕੋਈ ਵੀ ਇਤਰਾਜ ਨਾਕਾਬਿਲੇ ਗੌਰ ਹੋਵੇਗਾ। ਸਹਾਇਕ ਇੰਜੀਨੀਅਰ, ਪੰ.ਕਾ.ਪਾ.ਕਾ.ਲਿਮ: ਉਪ ਮੰਡਲ ਮਹਿਲ।

☛ ਮੋਟਰ ਕੁਨੈਕਸ਼ਨ ਖਾਤਾ ਨੰ. ਏ.ਪੀ.19/1898 ਰਕਬਾ ਪਿੰਡ ਕੋਕਰੀ ਕਲਾਂ, ਜੋ ਕਿ ਇਕਬਾਲ ਸਿੰਘ ਪੁੱਤਰ ਹਜਾਰਾ ਸਿੰਘ ਵਾਸੀ ਪਿੰਡ ਕੋਕਰੀ ਕਲਾਂ ਤਹਿਸੀਲ ਮੋਗਾ ਜਿਲਾ ਮੋਗਾ ਦੇ ਨਾਮ ਤੇ ਚੱਲਦਾ ਹੈ ਨੂੰ ਜਤਿੰਦਰਪਾਲ ਸਿੰਘ ਪੁੱਤਰ ਤੇਜਾ ਸਿੰਘ ਵਾਸੀ ਬੈਂਸ, ਲੁਧਿਆਣਾ ਨੇ ਆਪਣੇ ਨਾਮ ਤੇ ਕਰਵਾਉਣ ਹਿੱਤ ਪੀ.ਐਸ.ਪੀ.ਸੀ.ਐਲ ਦਫਤਰ ਅਜੀਤਵਾਲ ਵਿਖੇ ਬਿਨੈ ਪੱਤਰ ਦਿੱਤਾ ਹੈ। ਜੇਕਰ ਇਸ ਸਬੰਧੀ ਕਿਸੇ ਨੂੰ ਕੋਈ ਇਤਰਾਜ ਹੋਵੇ ਤਾਂ 15 ਦਿਨਾਂ ਦੇ ਅੰਦਰ-ਅੰਦਰ ਐਸ.ਡੀ.ਓ, ਪੀ.ਐਸ.ਪੀ.ਸੀ.ਐਲ, ਅਜੀਤਵਾਲ ਪਾਸ ਇਤਰਾਜ ਪੇਸ਼ ਕਰ ਸਕਦਾ ਹੈ।

☛ ਮੋਟਰ ਕੁਨੈਕਸ਼ਨ ਖਾਤਾ ਨੰਬਰ ਏ.ਪੀ.23/268 ਜੋ ਕਿ ਰਕਬਾ ਪਿੰਡ ਕੋਕਰੀ ਵਹਿਣੀਵਾਲ ਵਿਖੇ ਜੋਗਿੰਦਰ ਸਿੰਘ ਪੁੱਤਰ ਜੰਗੀਰ ਸਿੰਘ ਵਾਸੀ ਪਿੰਡ ਕੋਕਰੀ ਵਹਿਣੀਵਾਲ, ਜਿਲ੍ਹਾ ਮੋਗਾ ਦੇ ਨਾਮ ਤੇ ਚੱਲਦਾ ਹੈ ਨੂੰ ਆਪਣੇ ਨਾਮ ਤੇ ਕਰਵਾਉਣ ਹਿੱਤ ਬਿਨੈ ਪੱਤਰ ਦਿੱਤਾ ਹੈ।

☛ ਆਮ ਪਬਲਿਕ ਨੂੰ ਸੂਚਿਤ ਕੀਤਾ ਜਾਂਦਾ ਹੈ ਕਿ 7.5 ਬੀਐਚਪੀ ਟਿਊਬਵੈੱਲ ਕੁਨੈਕਸ਼ਨ ਖਾਤਾ ਨੰਬਰ 202/190 ਜੋ ਕਿ ਨਾਮ ਤੇ ਚੱਲਦਾ ਹੈ, ਉਸ ਨੂੰ ਬਦਲੀ ਕਰਵਾਉਣ ਸਬੰਧੀ ਦਰਖਾਸਤ ਦਿੱਤੀ ਗਈ ਹੈ।

☛ ਆਮ ਪਬਲਿਕ ਨੂੰ ਸੂਚਿਤ ਕੀਤਾ ਜਾਂਦਾ ਹੈ ਕਿ 7.5 ਬੀਐਚਪੀ ਟਿਊਬਵੈੱਲ ਕੁਨੈਕਸ਼ਨ ਖਾਤਾ ਨੰਬਰ 202/186 ਵਿਚ ਬਦਲੀ ਕਰਵਾਉਣ ਸਬੰਧੀ ਇਤਰਾਜ 15 ਦਿਨਾਂ ਦੇ ਅੰਦਰ ਪੇਸ਼ ਕੀਤਾ ਜਾਵੇ।

☛ ਆਮ ਪਬਲਿਕ ਨੂੰ ਸੂਚਿਤ ਕੀਤਾ ਜਾਂਦਾ ਹੈ ਕਿ 7.5 ਬੀਐਚਪੀ ਟਿਊਬਵੈੱਲ ਕੁਨੈਕਸ਼ਨ ਖਾਤਾ ਨੰਬਰ 202/0176 ਵਿਚ ਬਦਲੀ ਕਰਵਾਉਣ ਸਬੰਧੀ ਇਤਰਾਜ 15 ਦਿਨਾਂ ਦੇ ਅੰਦਰ ਪੇਸ਼ ਕੀਤਾ ਜਾਵੇ।

☛ ਆਮ ਪਬਲਿਕ ਨੂੰ ਸੂਚਿਤ ਕੀਤਾ ਜਾਂਦਾ ਹੈ ਕਿ 7.5 ਬੀਐਚਪੀ ਟਿਊਬਵੈੱਲ ਕੁਨੈਕਸ਼ਨ ਖਾਤਾ ਨੰਬਰ 202/173 ਵਿਚ ਬਦਲੀ ਕਰਵਾਉਣ ਸਬੰਧੀ ਇਤਰਾਜ 15 ਦਿਨਾਂ ਦੇ ਅੰਦਰ ਪੇਸ਼ ਕੀਤਾ ਜਾਵੇ।

☛ ਆਮ ਪਬਲਿਕ ਨੂੰ ਸੂਚਿਤ ਕੀਤਾ ਜਾਂਦਾ ਹੈ ਕਿ 7.5 ਬੀਐਚਪੀ ਟਿਊਬਵੈੱਲ ਕੁਨੈਕਸ਼ਨ ਖਾਤਾ ਨੰਬਰ 202/166 ਵਿਚ ਬਦਲੀ ਕਰਵਾਉਣ ਸਬੰਧੀ ਇਤਰਾਜ 15 ਦਿਨਾਂ ਦੇ ਅੰਦਰ ਪੇਸ਼ ਕੀਤਾ ਜਾਵੇ।

☛ ਆਮ ਪਬਲਿਕ ਨੂੰ ਸੂਚਿਤ ਕੀਤਾ ਜਾਂਦਾ ਹੈ ਕਿ 7.5 ਬੀਐਚਪੀ ਟਿਊਬਵੈੱਲ ਕੁਨੈਕਸ਼ਨ ਖਾਤਾ ਨੰਬਰ 202/141 ਵਿਚ ਬਦਲੀ ਕਰਵਾਉਣ ਸਬੰਧੀ ਇਤਰਾਜ 15 ਦਿਨਾਂ ਦੇ ਅੰਦਰ ਪੇਸ਼ ਕੀਤਾ ਜਾਵੇ। ਸਹਾਇਕ ਇੰਜੀਨੀਅਰ, ਪੀ.ਐਸ.ਪੀ.ਸੀ.ਐਲ.

Editor, Printer and Publisher Jaspal Singh Heran on behalf of Pehredar Social Welfare Society Red. 230/2008-2009 Printed at: Amar Ujala Publication Ltd.Plot No. 22 Phase-2 industrial Area Panchkula (Haryana) 134109 & Published From Pehredar 1731, Near Railway Phatak Tehsil road Jagraon (Ludhiana.) 142026
